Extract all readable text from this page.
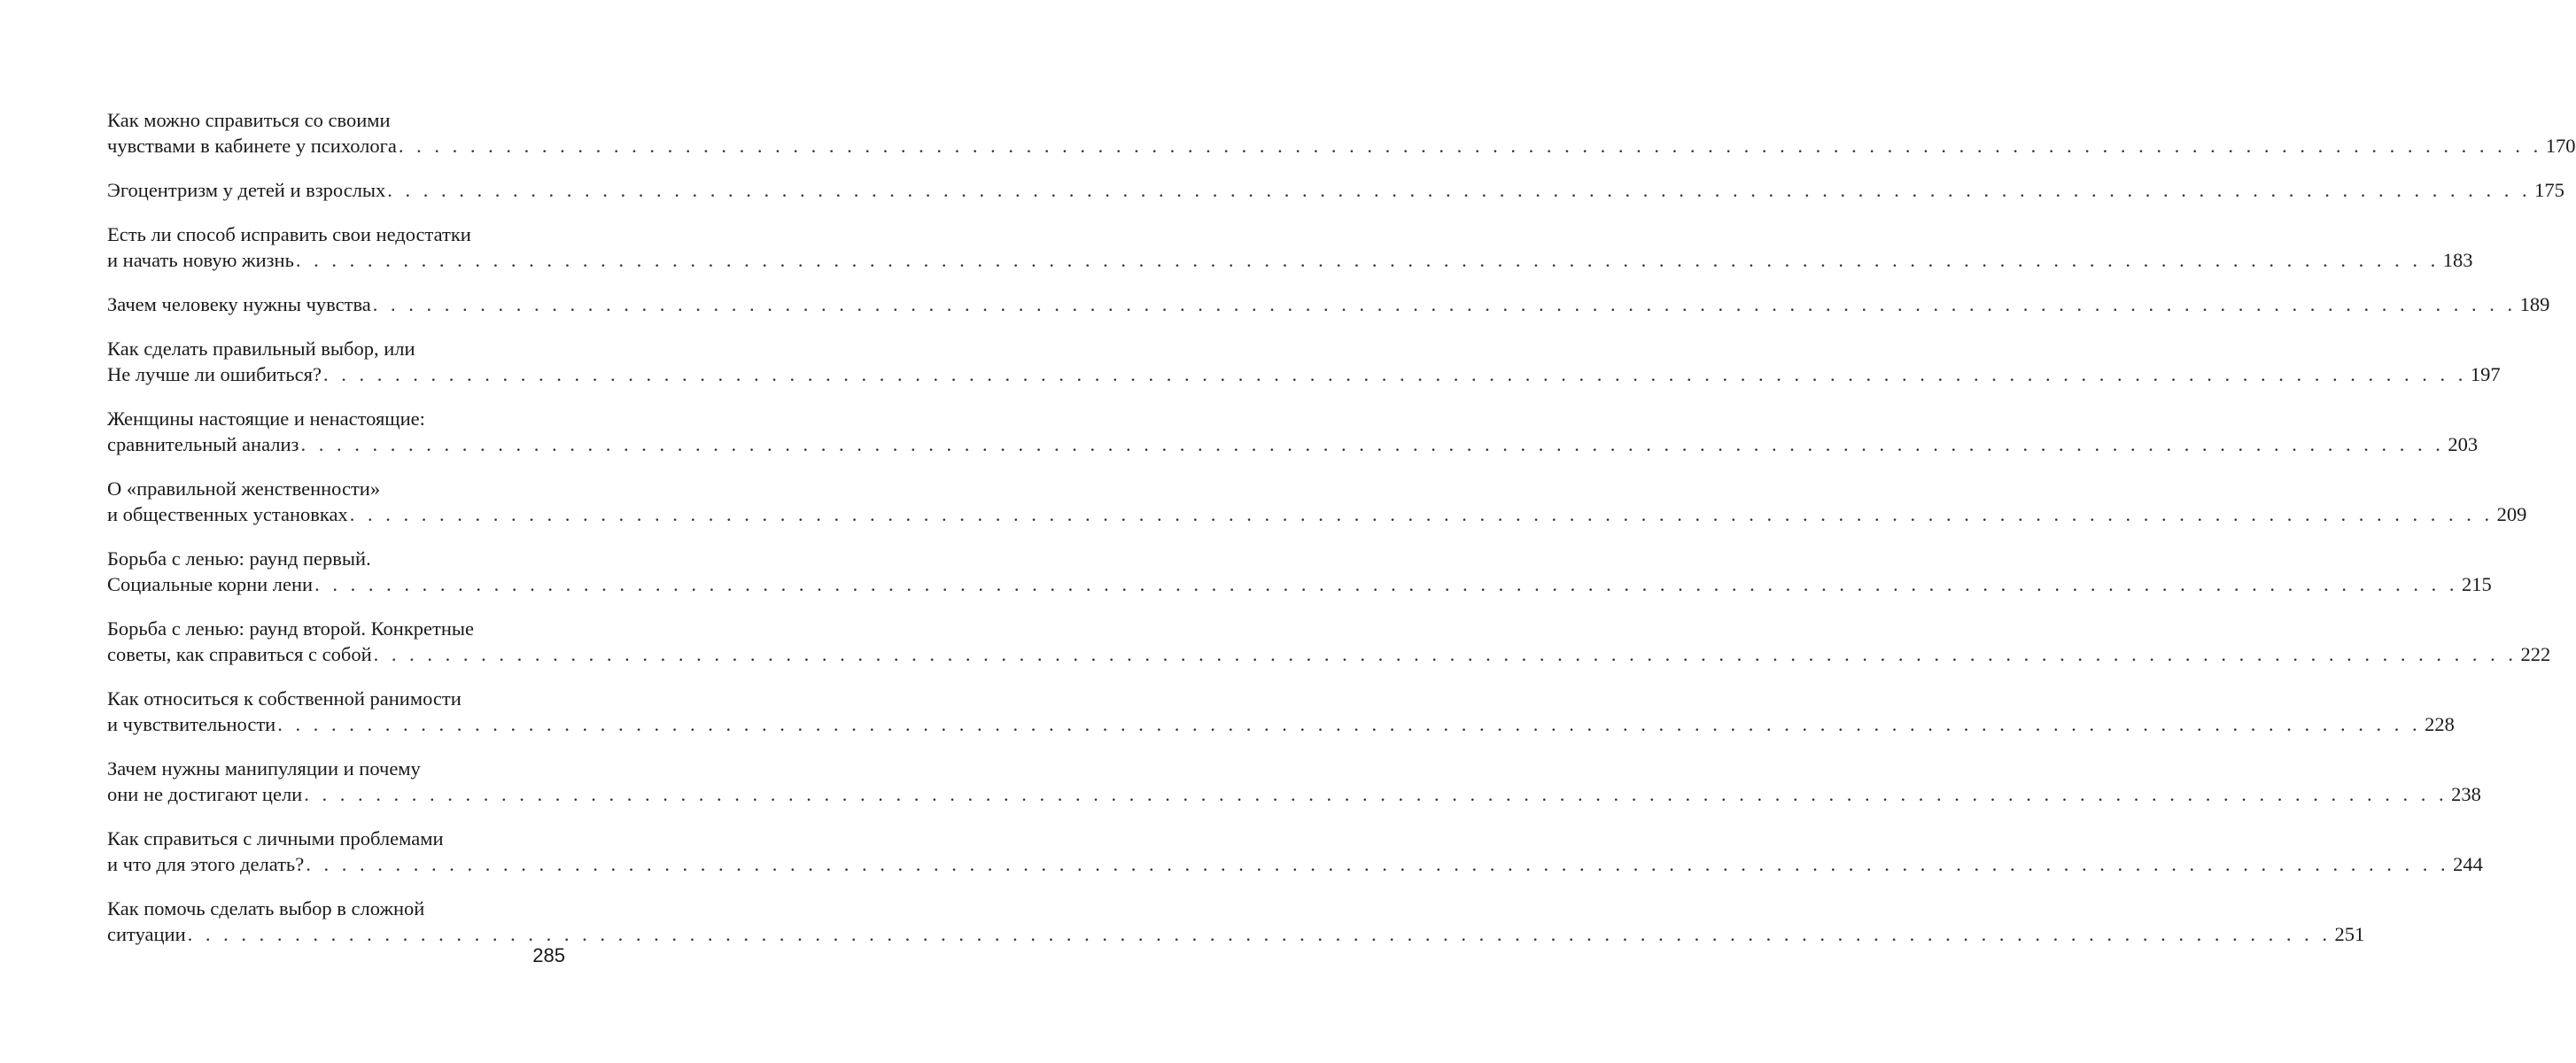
Как можно справиться со своими
чувствами в кабинете у психолога . . . . . . . . . . . . . . . . . . . . . . . . . . . . . . . . . . . . . . . . . . . . . . . . . . . . . . . . . . . . . . . . . . . . . . . . . . . . . . . . . . . . . . . . . . . . . . . . . . . . . . . . . . . . . . . . . . . . . . . . 170
Эгоцентризм у детей и взрослых . . . . . . . . . . . . . . . . . . . . . . . . . . . . . . . . . . . . . . . . . . . . . . . . . . . . . . . . . . . . . . . . . . . . . . . . . . . . . . . . . . . . . . . . . . . . . . . . . . . . . . . . . . . . . . . . . . . . . . . . 175
Есть ли способ исправить свои недостатки
и начать новую жизнь . . . . . . . . . . . . . . . . . . . . . . . . . . . . . . . . . . . . . . . . . . . . . . . . . . . . . . . . . . . . . . . . . . . . . . . . . . . . . . . . . . . . . . . . . . . . . . . . . . . . . . . . . . . . . . . . . . . . . . . . 183
Зачем человеку нужны чувства . . . . . . . . . . . . . . . . . . . . . . . . . . . . . . . . . . . . . . . . . . . . . . . . . . . . . . . . . . . . . . . . . . . . . . . . . . . . . . . . . . . . . . . . . . . . . . . . . . . . . . . . . . . . . . . . . . . . . . . . 189
Как сделать правильный выбор, или
Не лучше ли ошибиться? . . . . . . . . . . . . . . . . . . . . . . . . . . . . . . . . . . . . . . . . . . . . . . . . . . . . . . . . . . . . . . . . . . . . . . . . . . . . . . . . . . . . . . . . . . . . . . . . . . . . . . . . . . . . . . . . . . . . . . . . 197
Женщины настоящие и ненастоящие:
сравнительный анализ . . . . . . . . . . . . . . . . . . . . . . . . . . . . . . . . . . . . . . . . . . . . . . . . . . . . . . . . . . . . . . . . . . . . . . . . . . . . . . . . . . . . . . . . . . . . . . . . . . . . . . . . . . . . . . . . . . . . . . . . 203
О «правильной женственности»
и общественных установках . . . . . . . . . . . . . . . . . . . . . . . . . . . . . . . . . . . . . . . . . . . . . . . . . . . . . . . . . . . . . . . . . . . . . . . . . . . . . . . . . . . . . . . . . . . . . . . . . . . . . . . . . . . . . . . . . . . . . . . . 209
Борьба с ленью: раунд первый.
Социальные корни лени . . . . . . . . . . . . . . . . . . . . . . . . . . . . . . . . . . . . . . . . . . . . . . . . . . . . . . . . . . . . . . . . . . . . . . . . . . . . . . . . . . . . . . . . . . . . . . . . . . . . . . . . . . . . . . . . . . . . . . . . 215
Борьба с ленью: раунд второй. Конкретные
советы, как справиться с собой . . . . . . . . . . . . . . . . . . . . . . . . . . . . . . . . . . . . . . . . . . . . . . . . . . . . . . . . . . . . . . . . . . . . . . . . . . . . . . . . . . . . . . . . . . . . . . . . . . . . . . . . . . . . . . . . . . . . . . . . 222
Как относиться к собственной ранимости
и чувствительности . . . . . . . . . . . . . . . . . . . . . . . . . . . . . . . . . . . . . . . . . . . . . . . . . . . . . . . . . . . . . . . . . . . . . . . . . . . . . . . . . . . . . . . . . . . . . . . . . . . . . . . . . . . . . . . . . . . . . . . . 228
Зачем нужны манипуляции и почему
они не достигают цели . . . . . . . . . . . . . . . . . . . . . . . . . . . . . . . . . . . . . . . . . . . . . . . . . . . . . . . . . . . . . . . . . . . . . . . . . . . . . . . . . . . . . . . . . . . . . . . . . . . . . . . . . . . . . . . . . . . . . . . . 238
Как справиться с личными проблемами
и что для этого делать? . . . . . . . . . . . . . . . . . . . . . . . . . . . . . . . . . . . . . . . . . . . . . . . . . . . . . . . . . . . . . . . . . . . . . . . . . . . . . . . . . . . . . . . . . . . . . . . . . . . . . . . . . . . . . . . . . . . . . . . . 244
Как помочь сделать выбор в сложной
ситуации . . . . . . . . . . . . . . . . . . . . . . . . . . . . . . . . . . . . . . . . . . . . . . . . . . . . . . . . . . . . . . . . . . . . . . . . . . . . . . . . . . . . . . . . . . . . . . . . . . . . . . . . . . . . . . . . . . . . . . . . 251
285
